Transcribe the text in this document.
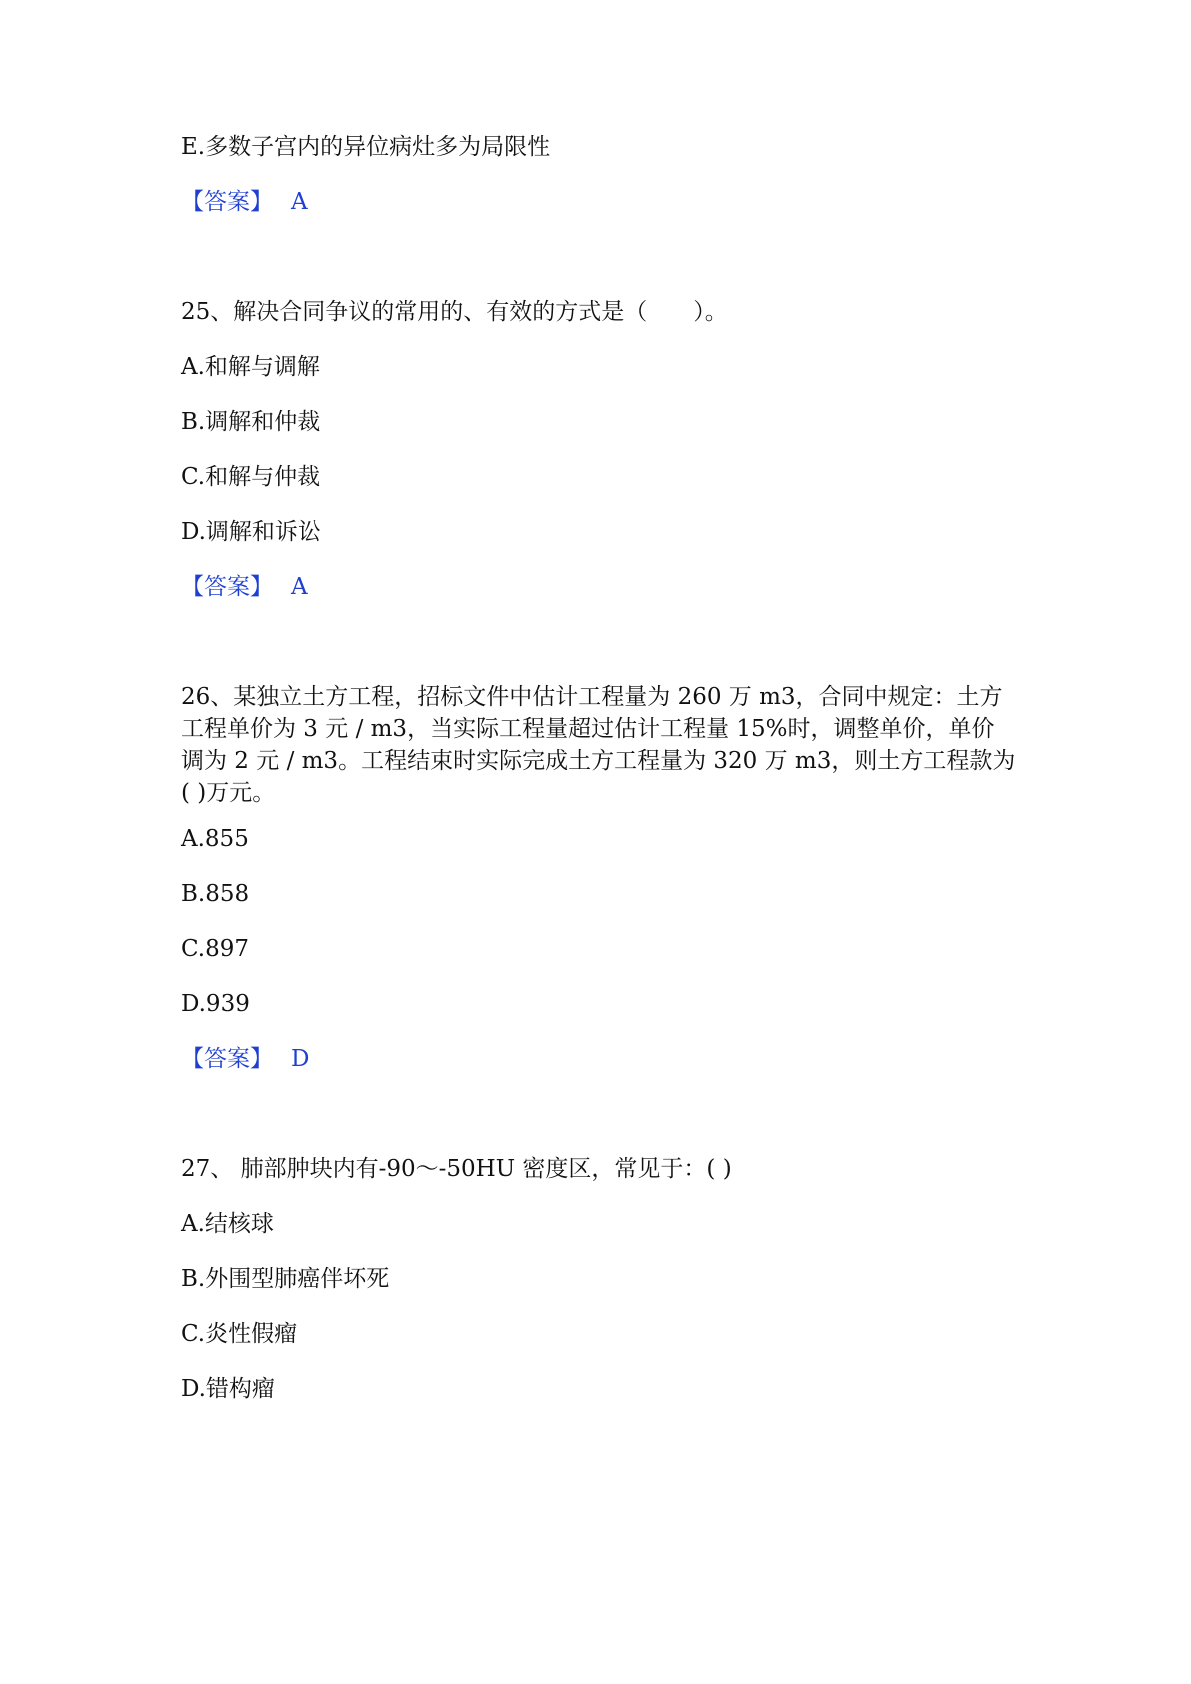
E.多数子宫内的异位病灶多为局限性
【答案】 A
25、解决合同争议的常用的、有效的方式是（　　）。
A.和解与调解
B.调解和仲裁
C.和解与仲裁
D.调解和诉讼
【答案】 A
26、某独立土方工程，招标文件中估计工程量为 260 万 m3，合同中规定：土方
工程单价为 3 元 / m3，当实际工程量超过估计工程量 15%时，调整单价，单价
调为 2 元 / m3。工程结束时实际完成土方工程量为 320 万 m3，则土方工程款为
( )万元。
A.855
B.858
C.897
D.939
【答案】 D
27、 肺部肿块内有-90～-50HU 密度区，常见于：( )
A.结核球
B.外围型肺癌伴坏死
C.炎性假瘤
D.错构瘤
